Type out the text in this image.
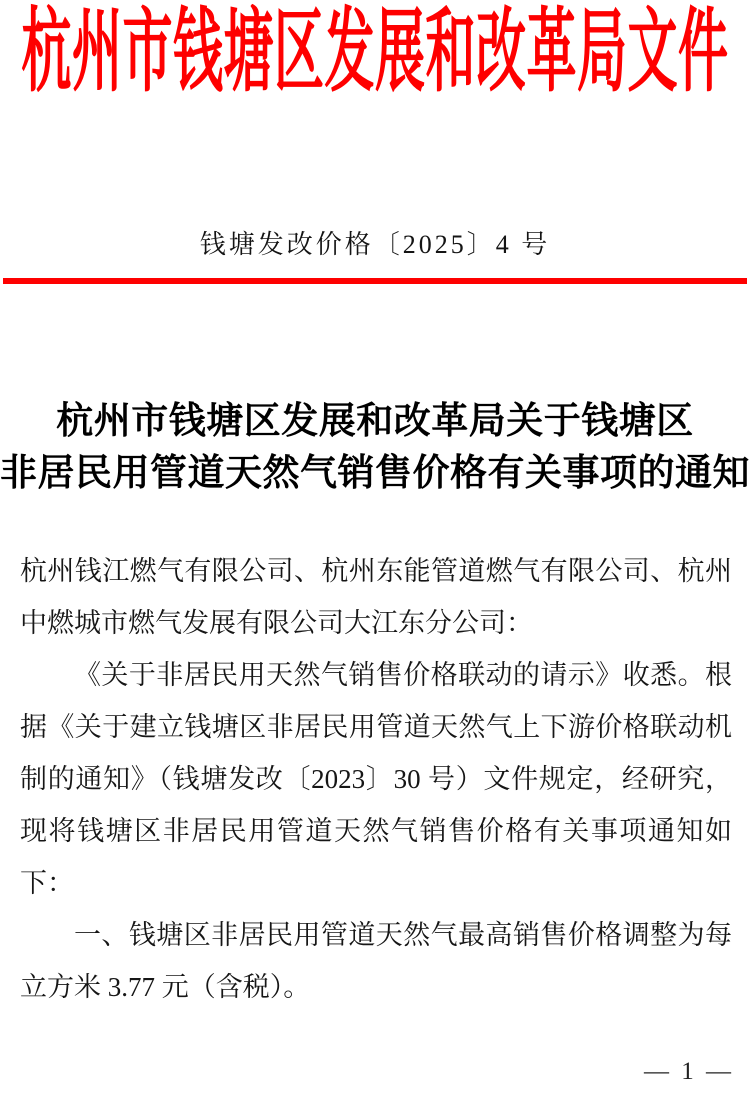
杭州市钱塘区发展和改革局文件
钱塘发改价格〔2025〕4 号
杭州市钱塘区发展和改革局关于钱塘区
非居民用管道天然气销售价格有关事项的通知

杭州钱江燃气有限公司、杭州东能管道燃气有限公司、杭州中燃城市燃气发展有限公司大江东分公司：

《关于非居民用天然气销售价格联动的请示》收悉。根据《关于建立钱塘区非居民用管道天然气上下游价格联动机制的通知》（钱塘发改〔2023〕30 号）文件规定，经研究，现将钱塘区非居民用管道天然气销售价格有关事项通知如下：

一、钱塘区非居民用管道天然气最高销售价格调整为每立方米 3.77 元（含税）。

— 1 —
